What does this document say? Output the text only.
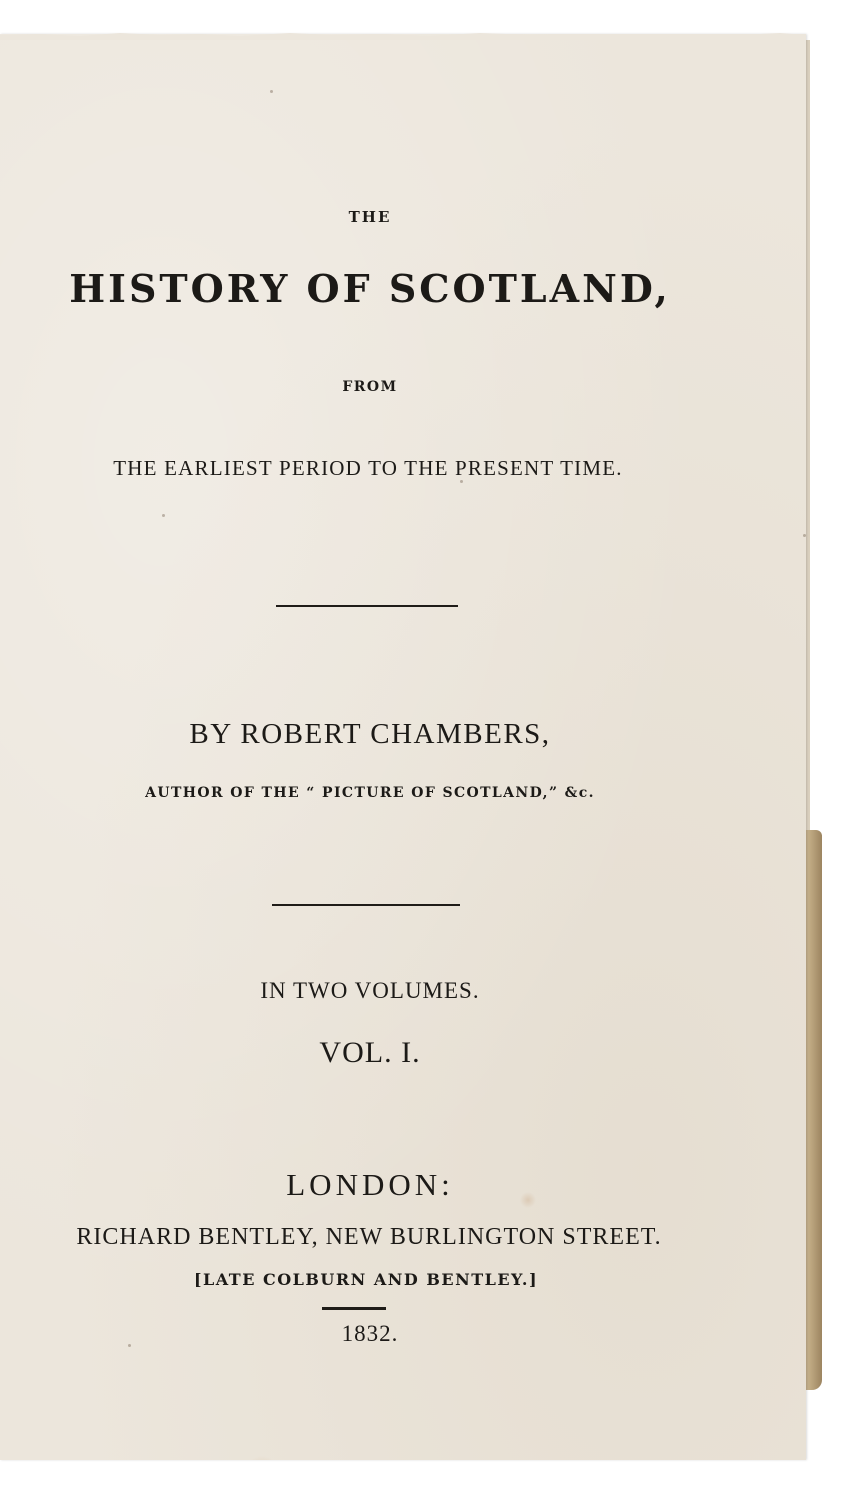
THE

HISTORY OF SCOTLAND,

FROM

THE EARLIEST PERIOD TO THE PRESENT TIME.

BY ROBERT CHAMBERS,

AUTHOR OF THE “ PICTURE OF SCOTLAND,” &c.

IN TWO VOLUMES.

VOL. I.

LONDON:

RICHARD BENTLEY, NEW BURLINGTON STREET.

[LATE COLBURN AND BENTLEY.]

1832.
